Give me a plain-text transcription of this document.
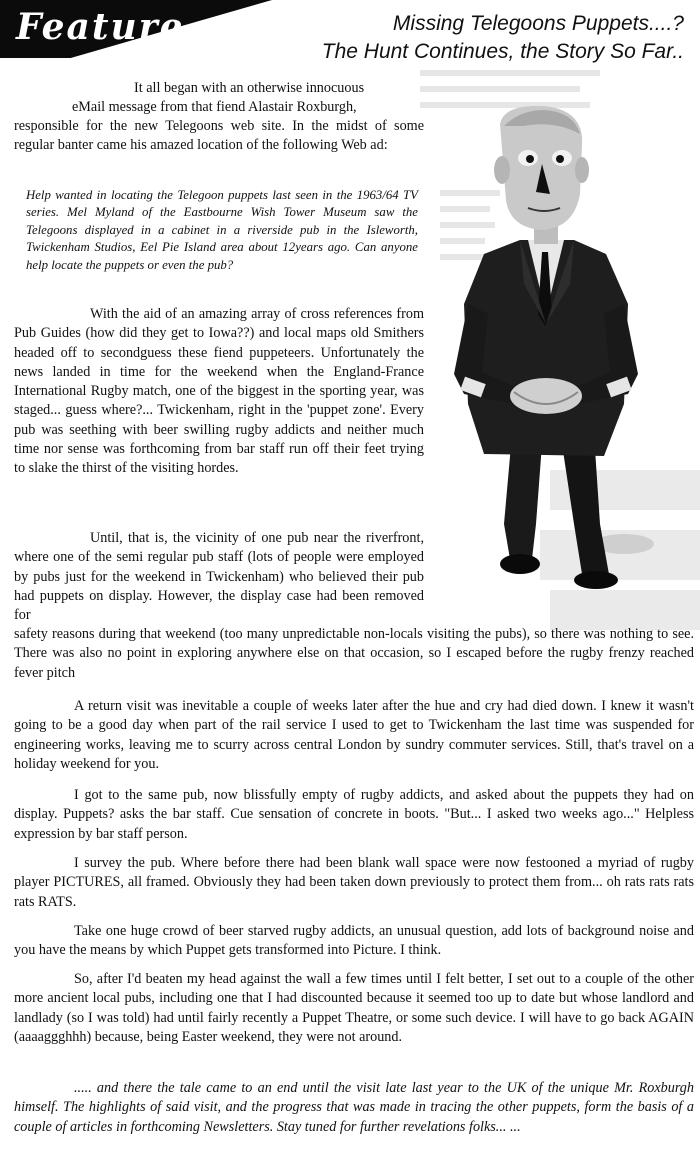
Feature	Missing Telegoons Puppets....?
The Hunt Continues, the Story So Far..

It all began with an otherwise innocuous

eMail message from that fiend Alastair Roxburgh,

responsible for the new Telegoons web site. In the midst of some regular banter came his amazed location of the following Web ad:

Help wanted in locating the Telegoon puppets last seen in the 1963/64 TV series. Mel Myland of the Eastbourne Wish Tower Museum saw the Telegoons displayed in a cabinet in a riverside pub in the Isleworth, Twickenham Studios, Eel Pie Island area about 12years ago. Can anyone help locate the puppets or even the pub?

With the aid of an amazing array of cross references from Pub Guides (how did they get to Iowa??) and local maps old Smithers headed off to secondguess these fiend puppeteers. Unfortunately the news landed in time for the weekend when the England-France International Rugby match, one of the biggest in the sporting year, was staged... guess where?... Twickenham, right in the 'puppet zone'. Every pub was seething with beer swilling rugby addicts and neither much time nor sense was forthcoming from bar staff run off their feet trying to slake the thirst of the visiting hordes.

Until, that is, the vicinity of one pub near the riverfront, where one of the semi regular pub staff (lots of people were employed by pubs just for the weekend in Twickenham) who believed their pub had puppets on display. However, the display case had been removed for

safety reasons during that weekend (too many unpredictable non-locals visiting the pubs), so there was nothing to see. There was also no point in exploring anywhere else on that occasion, so I escaped before the rugby frenzy reached fever pitch

A return visit was inevitable a couple of weeks later after the hue and cry had died down. I knew it wasn't going to be a good day when part of the rail service I used to get to Twickenham the last time was suspended for engineering works, leaving me to scurry across central London by sundry commuter services. Still, that's travel on a holiday weekend for you.

I got to the same pub, now blissfully empty of rugby addicts, and asked about the puppets they had on display. Puppets? asks the bar staff. Cue sensation of concrete in boots. "But... I asked two weeks ago..." Helpless expression by bar staff person.

I survey the pub. Where before there had been blank wall space were now festooned a myriad of rugby player PICTURES, all framed. Obviously they had been taken down previously to protect them from... oh rats rats rats rats RATS.

Take one huge crowd of beer starved rugby addicts, an unusual question, add lots of background noise and you have the means by which Puppet gets transformed into Picture. I think.

So, after I'd beaten my head against the wall a few times until I felt better, I set out to a couple of the other more ancient local pubs, including one that I had discounted because it seemed too up to date but whose landlord and landlady (so I was told) had until fairly recently a Puppet Theatre, or some such device. I will have to go back AGAIN (aaaaggghhh) because, being Easter weekend, they were not around.

..... and there the tale came to an end until the visit late last year to the UK of the unique Mr. Roxburgh himself. The highlights of said visit, and the progress that was made in tracing the other puppets, form the basis of a couple of articles in forthcoming Newsletters. Stay tuned for further revelations folks... ...
